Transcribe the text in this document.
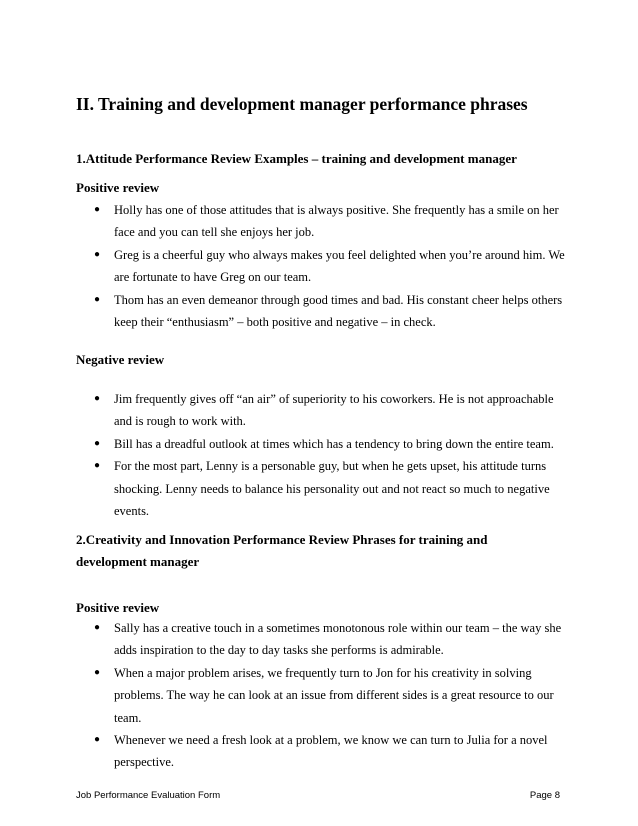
II. Training and development manager performance phrases
1.Attitude Performance Review Examples – training and development manager
Positive review
● Holly has one of those attitudes that is always positive. She frequently has a smile on her face and you can tell she enjoys her job.
● Greg is a cheerful guy who always makes you feel delighted when you’re around him. We are fortunate to have Greg on our team.
● Thom has an even demeanor through good times and bad. His constant cheer helps others keep their “enthusiasm” – both positive and negative – in check.
Negative review
● Jim frequently gives off “an air” of superiority to his coworkers. He is not approachable and is rough to work with.
● Bill has a dreadful outlook at times which has a tendency to bring down the entire team.
● For the most part, Lenny is a personable guy, but when he gets upset, his attitude turns shocking. Lenny needs to balance his personality out and not react so much to negative events.
2.Creativity and Innovation Performance Review Phrases for training and development manager
Positive review
● Sally has a creative touch in a sometimes monotonous role within our team – the way she adds inspiration to the day to day tasks she performs is admirable.
● When a major problem arises, we frequently turn to Jon for his creativity in solving problems. The way he can look at an issue from different sides is a great resource to our team.
● Whenever we need a fresh look at a problem, we know we can turn to Julia for a novel perspective.
Job Performance Evaluation Form	Page 8
